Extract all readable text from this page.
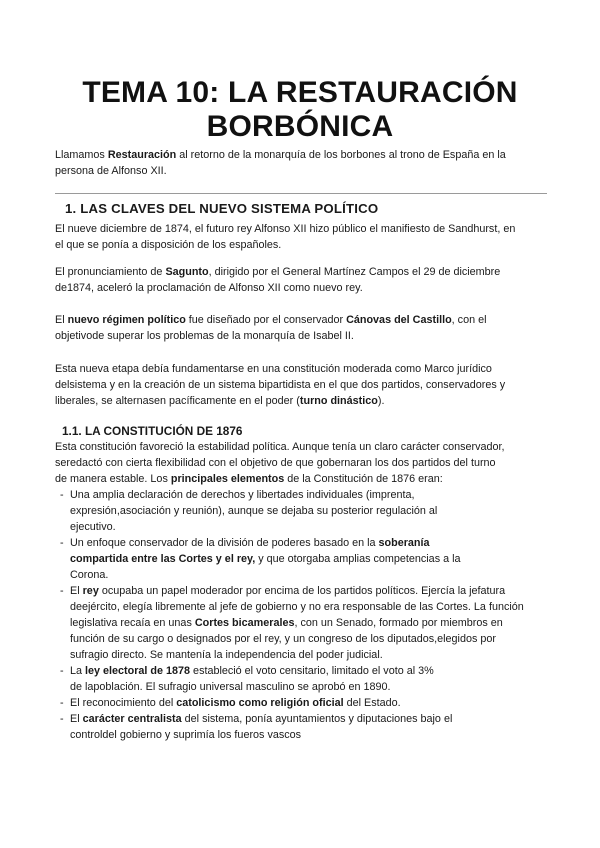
TEMA 10: LA RESTAURACIÓN
BORBÓNICA

Llamamos Restauración al retorno de la monarquía de los borbones al trono de España en la
persona de Alfonso XII.

1. LAS CLAVES DEL NUEVO SISTEMA POLÍTICO

El nueve diciembre de 1874, el futuro rey Alfonso XII hizo público el manifiesto de Sandhurst, en
el que se ponía a disposición de los españoles.

El pronunciamiento de Sagunto, dirigido por el General Martínez Campos el 29 de diciembre
de1874, aceleró la proclamación de Alfonso XII como nuevo rey.

El nuevo régimen político fue diseñado por el conservador Cánovas del Castillo, con el
objetivode superar los problemas de la monarquía de Isabel II.

Esta nueva etapa debía fundamentarse en una constitución moderada como Marco jurídico
delsistema y en la creación de un sistema bipartidista en el que dos partidos, conservadores y
liberales, se alternasen pacíficamente en el poder (turno dinástico).

1.1. LA CONSTITUCIÓN DE 1876

Esta constitución favoreció la estabilidad política. Aunque tenía un claro carácter conservador,
seredactó con cierta flexibilidad con el objetivo de que gobernaran los dos partidos del turno
de manera estable. Los principales elementos de la Constitución de 1876 eran:

- Una amplia declaración de derechos y libertades individuales (imprenta,
expresión,asociación y reunión), aunque se dejaba su posterior regulación al
ejecutivo.
- Un enfoque conservador de la división de poderes basado en la soberanía
compartida entre las Cortes y el rey, y que otorgaba amplias competencias a la
Corona.
- El rey ocupaba un papel moderador por encima de los partidos políticos. Ejercía la jefatura
deejército, elegía libremente al jefe de gobierno y no era responsable de las Cortes. La función
legislativa recaía en unas Cortes bicamerales, con un Senado, formado por miembros en
función de su cargo o designados por el rey, y un congreso de los diputados,elegidos por
sufragio directo. Se mantenía la independencia del poder judicial.
- La ley electoral de 1878 estableció el voto censitario, limitado el voto al 3%
de lapoblación. El sufragio universal masculino se aprobó en 1890.
- El reconocimiento del catolicismo como religión oficial del Estado.
- El carácter centralista del sistema, ponía ayuntamientos y diputaciones bajo el
controldel gobierno y suprimía los fueros vascos
